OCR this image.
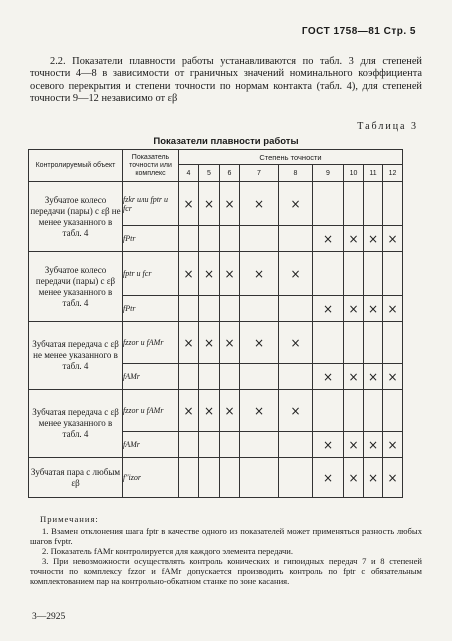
ГОСТ 1758—81 Стр. 5

2.2. Показатели плавности работы устанавливаются по табл. 3 для степеней точности 4—8 в зависимости от граничных значений номинального коэффициента осевого перекрытия и степени точности по нормам контакта (табл. 4), для степеней точности 9—12 независимо от εβ

Таблица 3
Показатели плавности работы
Контролируемый объект	Показатель точности или комплекс	Степень точности								
		4	5	6	7	8	9	10	11	12
Зубчатое колесо передачи (пары) с εβ не менее указанного в табл. 4	fzkr или fptr и fcr	×	×	×	×	×				
	fPtr						×	×	×	×
Зубчатое колесо передачи (пары) с εβ менее указанного в табл. 4	fptr и fcr	×	×	×	×	×				
	fPtr						×	×	×	×
Зубчатая передача с εβ не менее указанного в табл. 4	fzzor и fAMr	×	×	×	×	×				
	fAMr						×	×	×	×
Зубчатая передача с εβ менее указанного в табл. 4	fzzor и fAMr	×	×	×	×	×				
	fAMr						×	×	×	×
Зубчатая пара с любым εβ	f″izor						×	×	×	×
Примечания:

1. Взамен отклонения шага fptr в качестве одного из показателей может применяться разность любых шагов fvptr.

2. Показатель fAMr контролируется для каждого элемента передачи.

3. При невозможности осуществлять контроль конических и гипоидных передач 7 и 8 степеней точности по комплексу fzzor и fAMr допускается производить контроль по fptr с обязательным комплектованием пар на контрольно-обкатном станке по зоне касания.

3—2925
